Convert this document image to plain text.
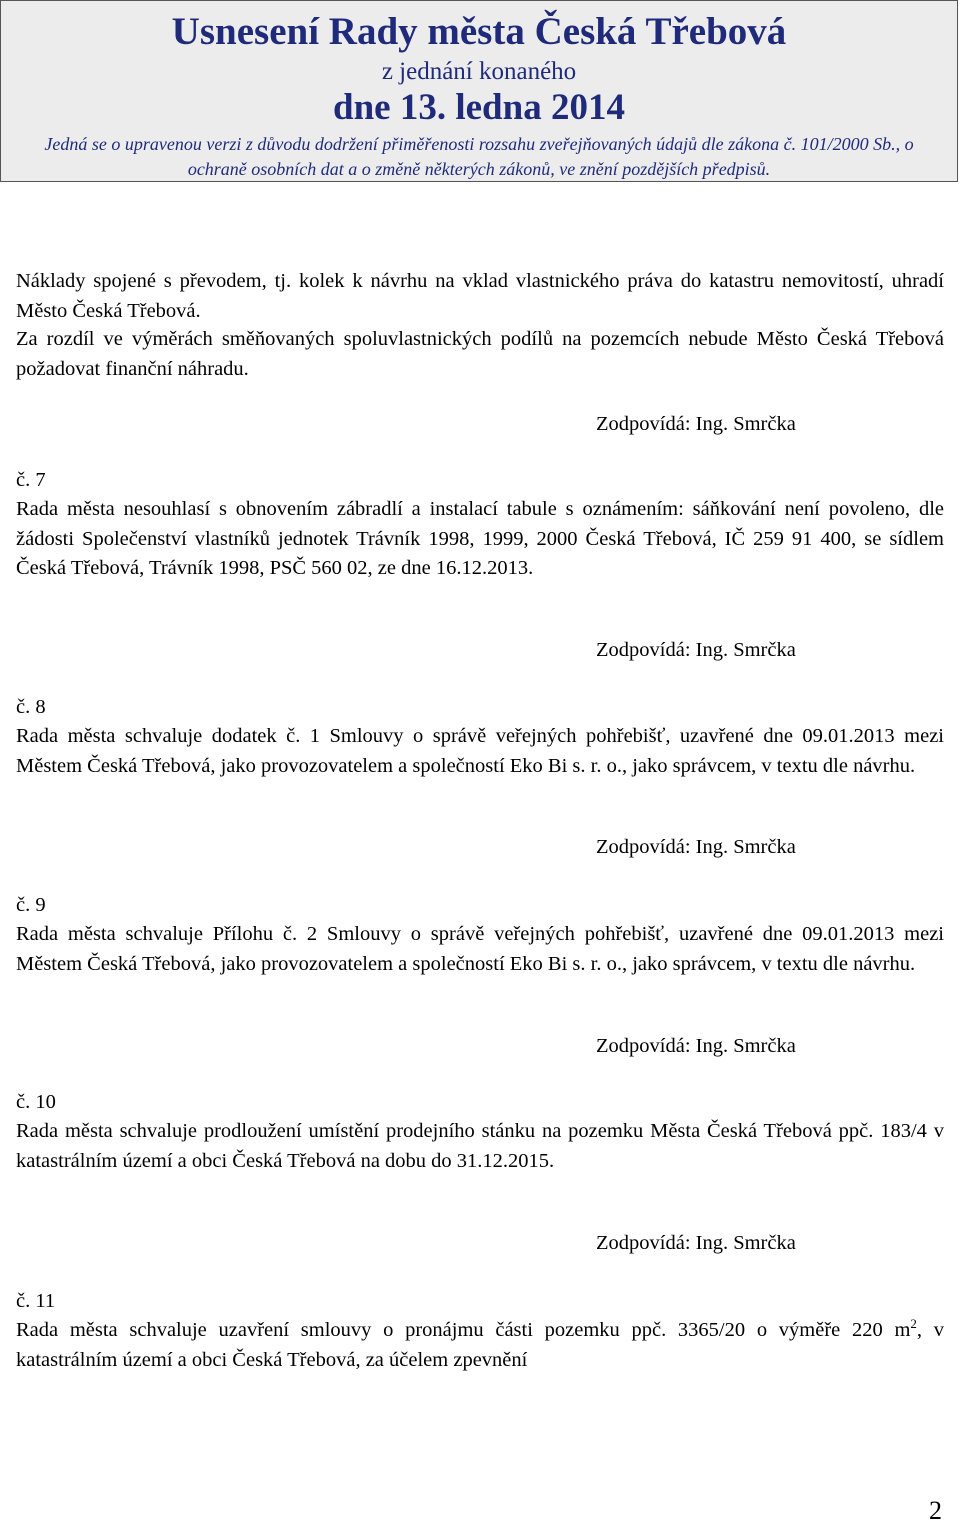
Usnesení Rady města Česká Třebová
z jednání konaného
dne 13. ledna 2014
Jedná se o upravenou verzi z důvodu dodržení přiměřenosti rozsahu zveřejňovaných údajů dle zákona č. 101/2000 Sb., o ochraně osobních dat a o změně některých zákonů, ve znění pozdějších předpisů.
Náklady spojené s převodem, tj. kolek k návrhu na vklad vlastnického práva do katastru nemovitostí, uhradí Město Česká Třebová.
Za rozdíl ve výměrách směňovaných spoluvlastnických podílů na pozemcích nebude Město Česká Třebová požadovat finanční náhradu.
Zodpovídá: Ing. Smrčka
č. 7
Rada města nesouhlasí s obnovením zábradlí a instalací tabule s oznámením: sáňkování není povoleno, dle žádosti Společenství vlastníků jednotek Trávník 1998, 1999, 2000 Česká Třebová, IČ 259 91 400, se sídlem Česká Třebová, Trávník 1998, PSČ 560 02, ze dne 16.12.2013.
Zodpovídá: Ing. Smrčka
č. 8
Rada města schvaluje dodatek č. 1 Smlouvy o správě veřejných pohřebišť, uzavřené dne 09.01.2013 mezi Městem Česká Třebová, jako provozovatelem a společností Eko Bi s. r. o., jako správcem, v textu dle návrhu.
Zodpovídá: Ing. Smrčka
č. 9
Rada města schvaluje Přílohu č. 2 Smlouvy o správě veřejných pohřebišť, uzavřené dne 09.01.2013 mezi Městem Česká Třebová, jako provozovatelem a společností Eko Bi s. r. o., jako správcem, v textu dle návrhu.
Zodpovídá: Ing. Smrčka
č. 10
Rada města schvaluje prodloužení umístění prodejního stánku na pozemku Města Česká Třebová ppč. 183/4 v katastrálním území a obci Česká Třebová na dobu do 31.12.2015.
Zodpovídá: Ing. Smrčka
č. 11
Rada města schvaluje uzavření smlouvy o pronájmu části pozemku ppč. 3365/20 o výměře 220 $m^2$, v katastrálním území a obci Česká Třebová, za účelem zpevnění
2
